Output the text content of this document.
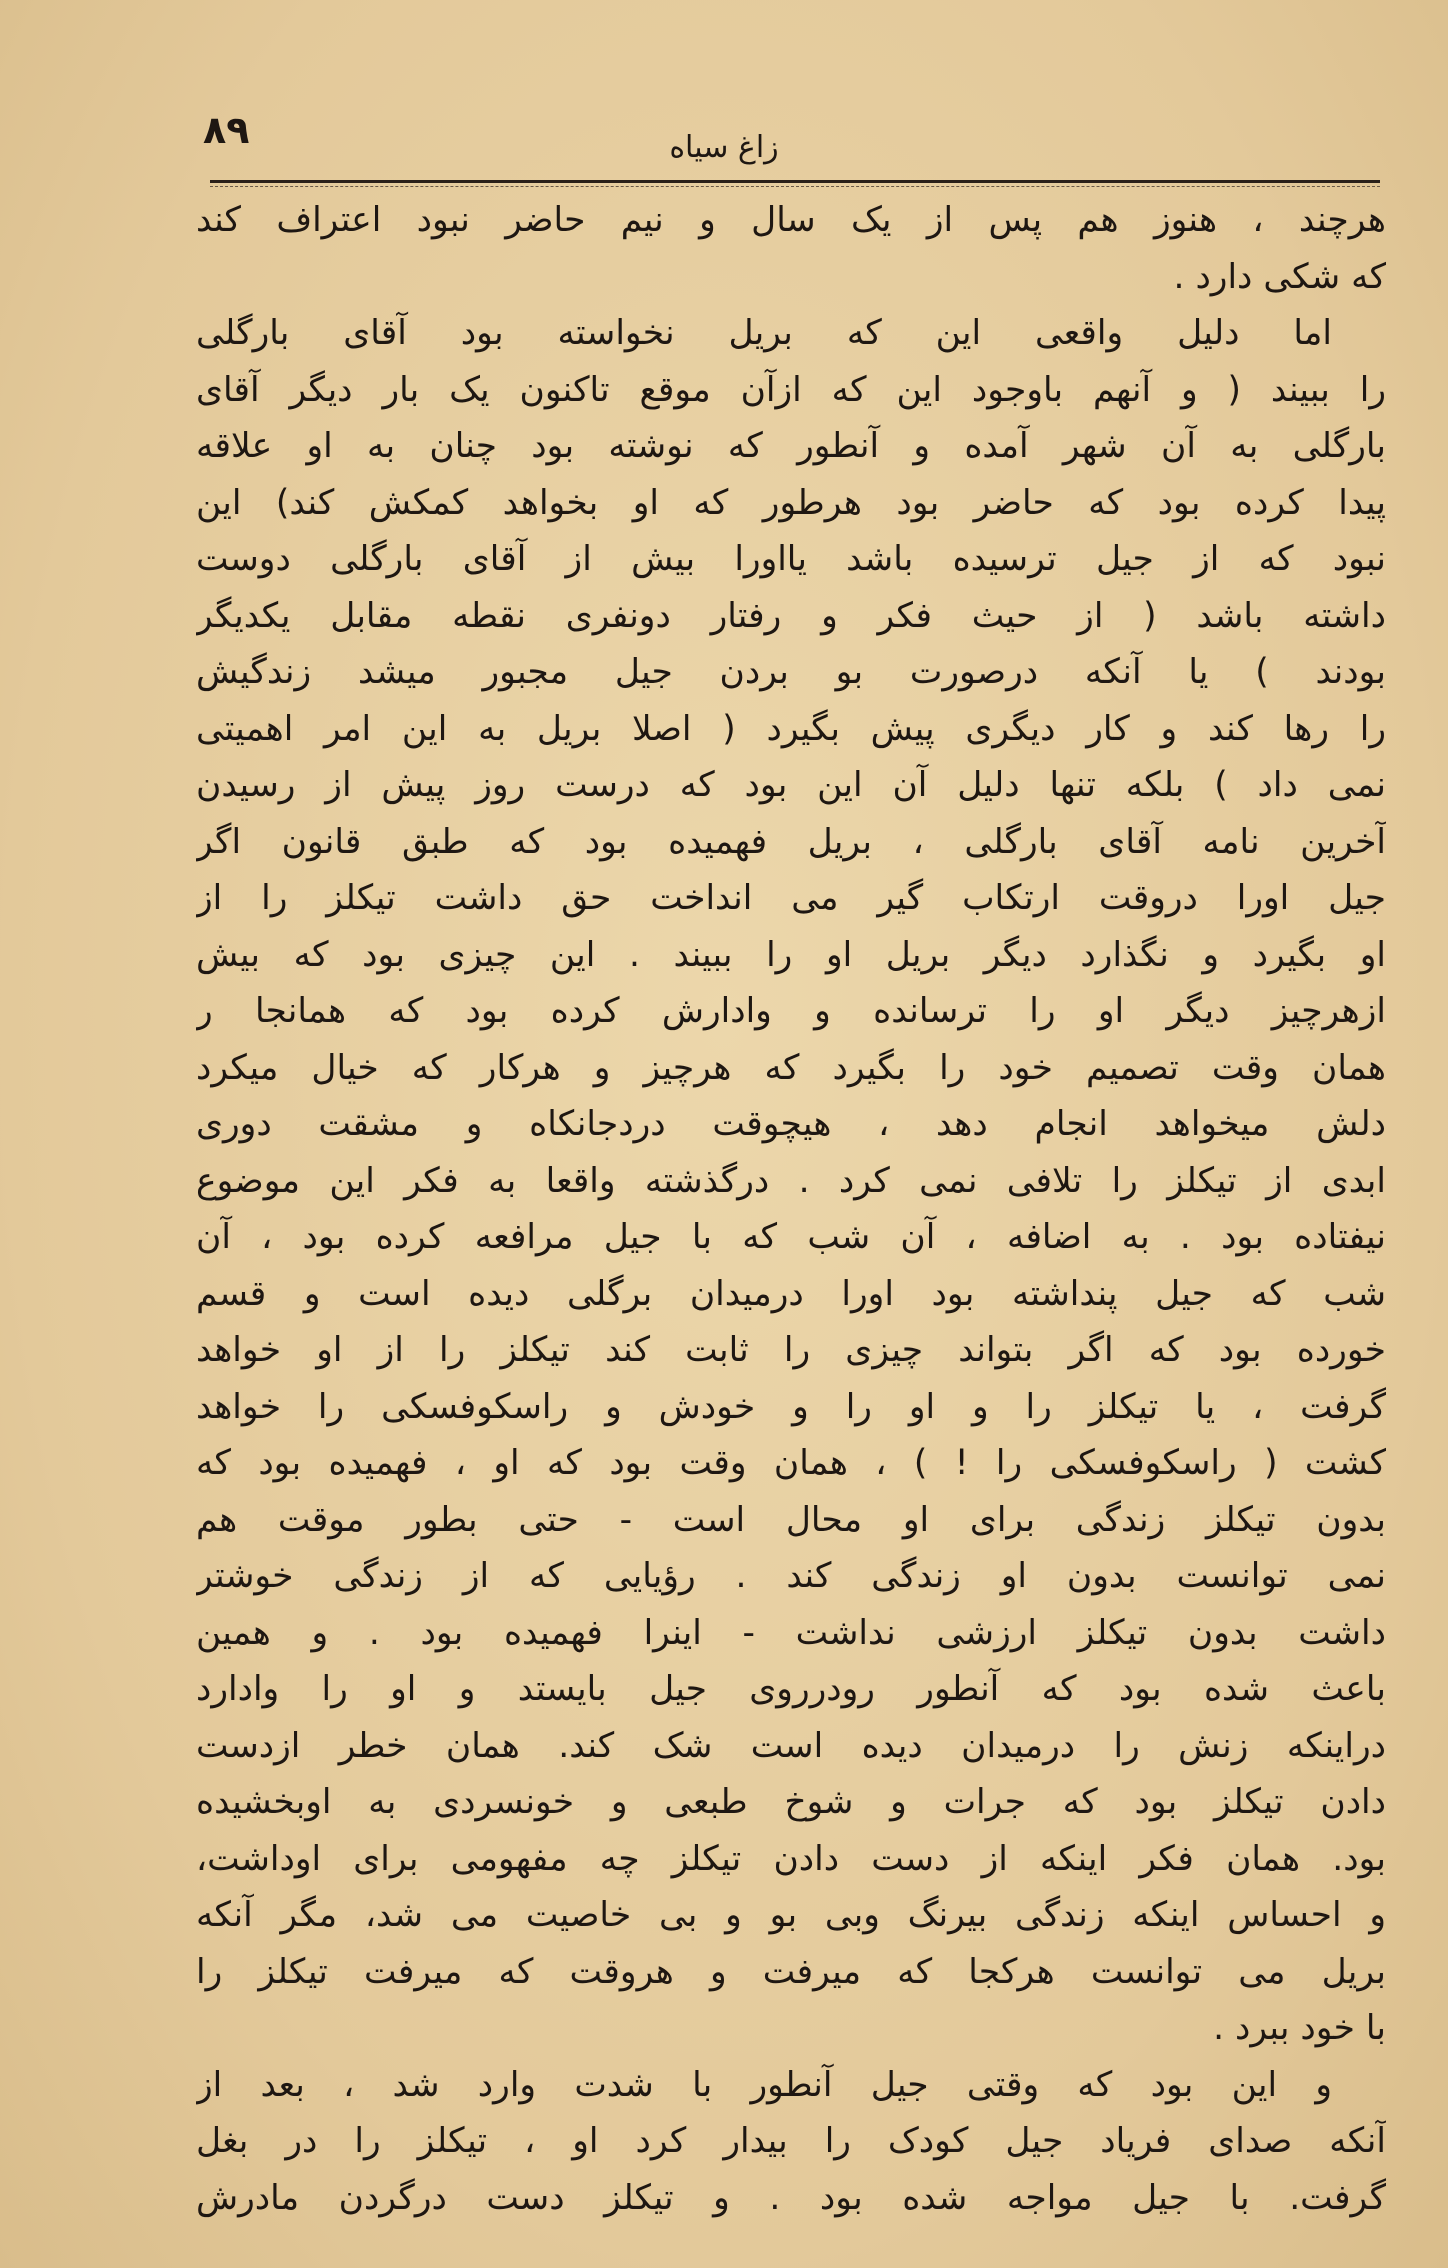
۸۹	زاغ سیاه
هرچند ، هنوز هم پس از یک سال و نیم حاضر نبود اعتراف کند
که شکی دارد .
اما دلیل واقعی این که بریل نخواسته بود آقای بارگلی
را ببیند ( و آنهم باوجود این که ازآن موقع تاکنون یک بار دیگر آقای
بارگلی به آن شهر آمده و آنطور که نوشته بود چنان به او علاقه
پیدا کرده بود که حاضر بود هرطور که او بخواهد کمکش کند) این
نبود که از جیل ترسیده باشد یااورا بیش از آقای بارگلی دوست
داشته باشد ( از حیث فکر و رفتار دونفری نقطه مقابل یکدیگر
بودند ) یا آنکه درصورت بو بردن جیل مجبور میشد زندگیش
را رها کند و کار دیگری پیش بگیرد ( اصلا بریل به این امر اهمیتی
نمی داد ) بلکه تنها دلیل آن این بود که درست روز پیش از رسیدن
آخرین نامه آقای بارگلی ، بریل فهمیده بود که طبق قانون اگر
جیل اورا دروقت ارتکاب گیر می انداخت حق داشت تیکلز را از
او بگیرد و نگذارد دیگر بریل او را ببیند . این چیزی بود که بیش
ازهرچیز دیگر او را ترسانده و وادارش کرده بود که همانجا ر
همان وقت تصمیم خود را بگیرد که هرچیز و هرکار که خیال میکرد
دلش میخواهد انجام دهد ، هیچوقت دردجانکاه و مشقت دوری
ابدی از تیکلز را تلافی نمی کرد . درگذشته واقعا به فکر این موضوع
نیفتاده بود . به اضافه ، آن شب که با جیل مرافعه کرده بود ، آن
شب که جیل پنداشته بود اورا درمیدان برگلی دیده است و قسم
خورده بود که اگر بتواند چیزی را ثابت کند تیکلز را از او خواهد
گرفت ، یا تیکلز را و او را و خودش و راسکوفسکی را خواهد
کشت ( راسکوفسکی را ! ) ، همان وقت بود که او ، فهمیده بود که
بدون تیکلز زندگی برای او محال است - حتی بطور موقت هم
نمی توانست بدون او زندگی کند . رؤیایی که از زندگی خوشتر
داشت بدون تیکلز ارزشی نداشت - اینرا فهمیده بود . و همین
باعث شده بود که آنطور رودرروی جیل بایستد و او را وادارد
دراینکه زنش را درمیدان دیده است شک کند. همان خطر ازدست
دادن تیکلز بود که جرات و شوخ طبعی و خونسردی به اوبخشیده
بود. همان فکر اینکه از دست دادن تیکلز چه مفهومی برای اوداشت،
و احساس اینکه زندگی بیرنگ وبی بو و بی خاصیت می شد، مگر آنکه
بریل می توانست هرکجا که میرفت و هروقت که میرفت تیکلز را
با خود ببرد .
و این بود که وقتی جیل آنطور با شدت وارد شد ، بعد از
آنکه صدای فریاد جیل کودک را بیدار کرد او ، تیکلز را در بغل
گرفت. با جیل مواجه شده بود . و تیکلز دست درگردن مادرش
